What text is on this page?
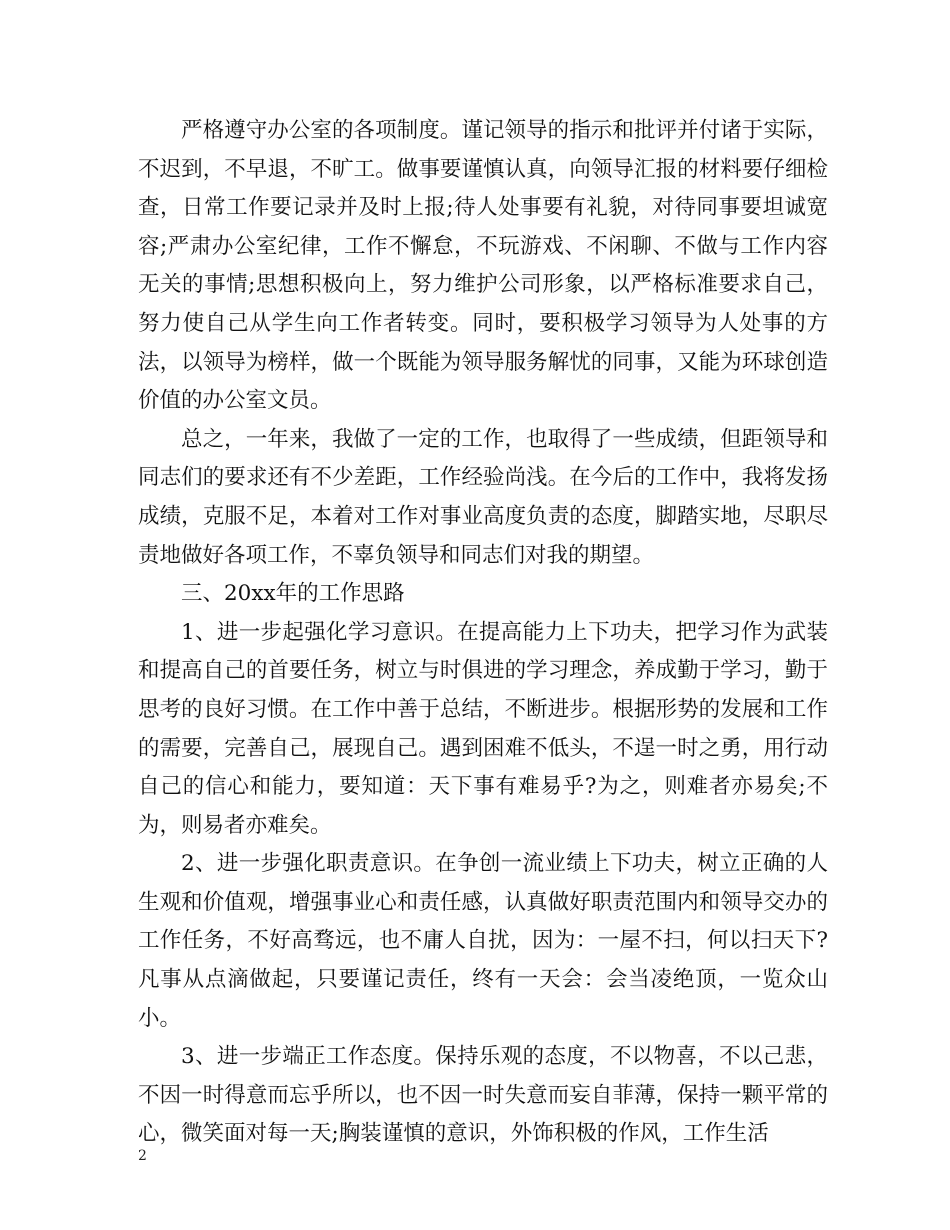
严格遵守办公室的各项制度。谨记领导的指示和批评并付诸于实际，不迟到，不早退，不旷工。做事要谨慎认真，向领导汇报的材料要仔细检查，日常工作要记录并及时上报;待人处事要有礼貌，对待同事要坦诚宽容;严肃办公室纪律，工作不懈怠，不玩游戏、不闲聊、不做与工作内容无关的事情;思想积极向上，努力维护公司形象，以严格标准要求自己，努力使自己从学生向工作者转变。同时，要积极学习领导为人处事的方法，以领导为榜样，做一个既能为领导服务解忧的同事，又能为环球创造价值的办公室文员。

总之，一年来，我做了一定的工作，也取得了一些成绩，但距领导和同志们的要求还有不少差距，工作经验尚浅。在今后的工作中，我将发扬成绩，克服不足，本着对工作对事业高度负责的态度，脚踏实地，尽职尽责地做好各项工作，不辜负领导和同志们对我的期望。

三、20xx年的工作思路

1、进一步起强化学习意识。在提高能力上下功夫，把学习作为武装和提高自己的首要任务，树立与时俱进的学习理念，养成勤于学习，勤于思考的良好习惯。在工作中善于总结，不断进步。根据形势的发展和工作的需要，完善自己，展现自己。遇到困难不低头，不逞一时之勇，用行动自己的信心和能力，要知道：天下事有难易乎?为之，则难者亦易矣;不为，则易者亦难矣。

2、进一步强化职责意识。在争创一流业绩上下功夫，树立正确的人生观和价值观，增强事业心和责任感，认真做好职责范围内和领导交办的工作任务，不好高骛远，也不庸人自扰，因为：一屋不扫，何以扫天下?凡事从点滴做起，只要谨记责任，终有一天会：会当凌绝顶，一览众山小。

3、进一步端正工作态度。保持乐观的态度，不以物喜，不以己悲，不因一时得意而忘乎所以，也不因一时失意而妄自菲薄，保持一颗平常的心，微笑面对每一天;胸装谨慎的意识，外饰积极的作风，工作生活

2
